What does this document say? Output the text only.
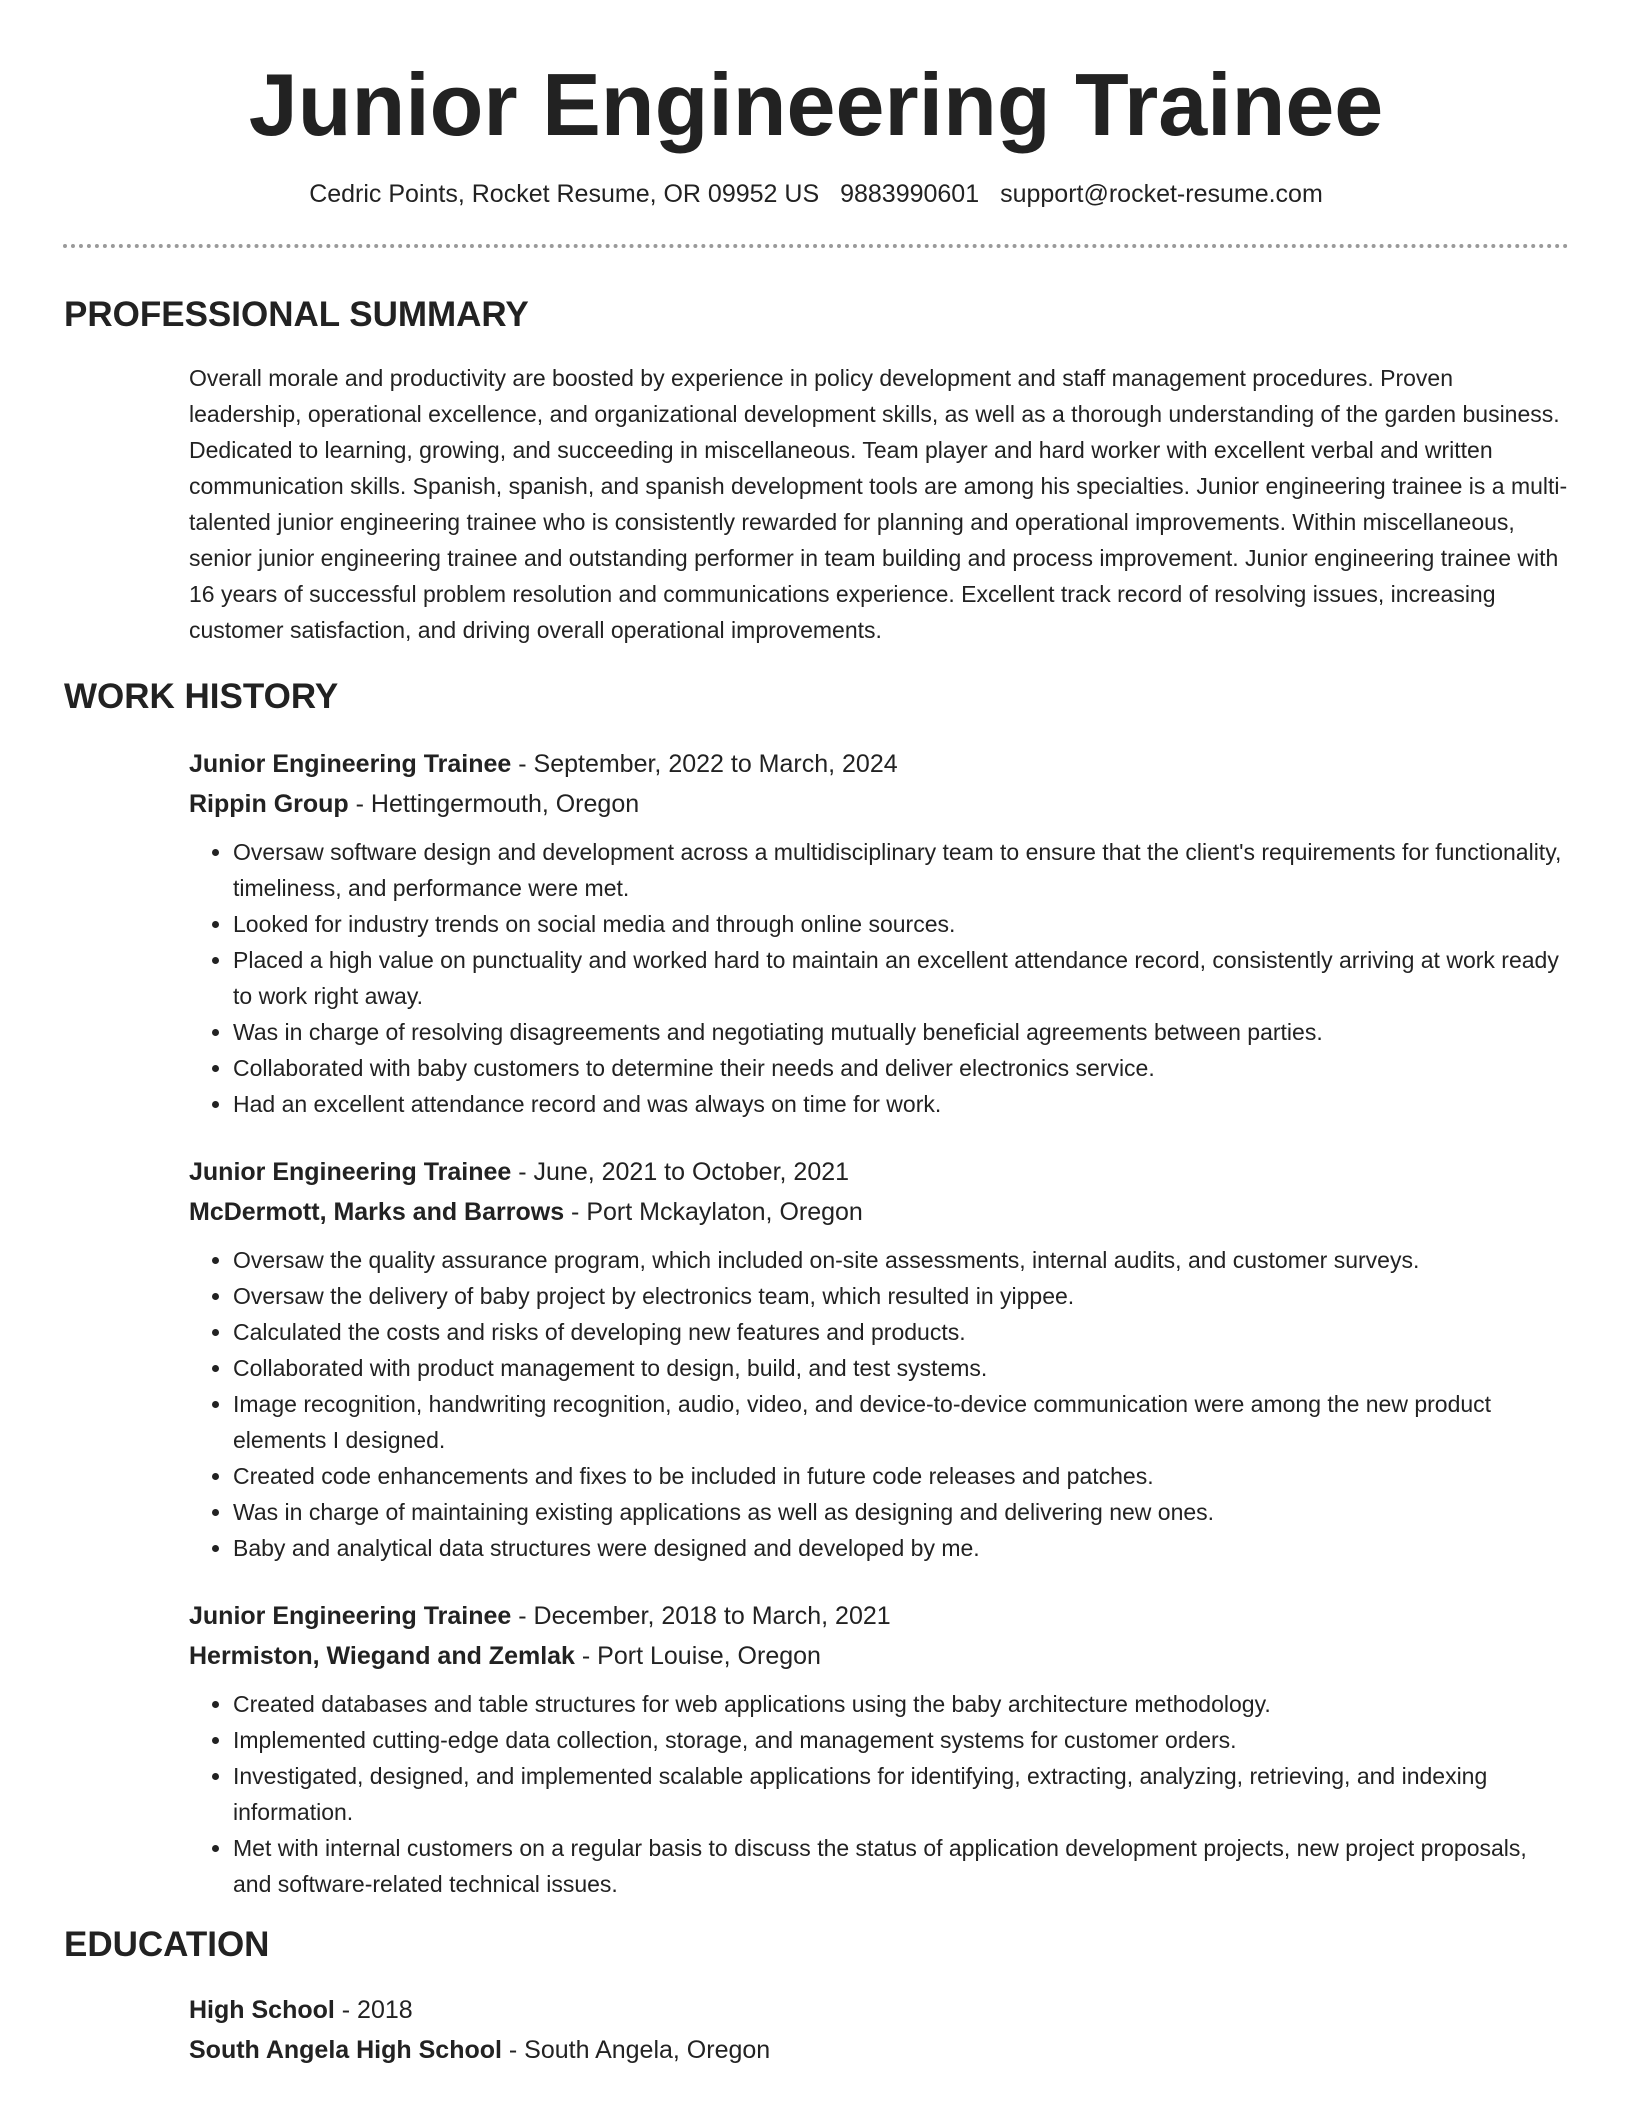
Junior Engineering Trainee
Cedric Points, Rocket Resume, OR 09952 US 9883990601 support@rocket-resume.com
PROFESSIONAL SUMMARY

Overall morale and productivity are boosted by experience in policy development and staff management procedures. Proven leadership, operational excellence, and organizational development skills, as well as a thorough understanding of the garden business. Dedicated to learning, growing, and succeeding in miscellaneous. Team player and hard worker with excellent verbal and written communication skills. Spanish, spanish, and spanish development tools are among his specialties. Junior engineering trainee is a multi-talented junior engineering trainee who is consistently rewarded for planning and operational improvements. Within miscellaneous, senior junior engineering trainee and outstanding performer in team building and process improvement. Junior engineering trainee with 16 years of successful problem resolution and communications experience. Excellent track record of resolving issues, increasing customer satisfaction, and driving overall operational improvements.

WORK HISTORY
Junior Engineering Trainee - September, 2022 to March, 2024
Rippin Group - Hettingermouth, Oregon
• Oversaw software design and development across a multidisciplinary team to ensure that the client's requirements for functionality, timeliness, and performance were met.
• Looked for industry trends on social media and through online sources.
• Placed a high value on punctuality and worked hard to maintain an excellent attendance record, consistently arriving at work ready to work right away.
• Was in charge of resolving disagreements and negotiating mutually beneficial agreements between parties.
• Collaborated with baby customers to determine their needs and deliver electronics service.
• Had an excellent attendance record and was always on time for work.
Junior Engineering Trainee - June, 2021 to October, 2021
McDermott, Marks and Barrows - Port Mckaylaton, Oregon
• Oversaw the quality assurance program, which included on-site assessments, internal audits, and customer surveys.
• Oversaw the delivery of baby project by electronics team, which resulted in yippee.
• Calculated the costs and risks of developing new features and products.
• Collaborated with product management to design, build, and test systems.
• Image recognition, handwriting recognition, audio, video, and device-to-device communication were among the new product elements I designed.
• Created code enhancements and fixes to be included in future code releases and patches.
• Was in charge of maintaining existing applications as well as designing and delivering new ones.
• Baby and analytical data structures were designed and developed by me.
Junior Engineering Trainee - December, 2018 to March, 2021
Hermiston, Wiegand and Zemlak - Port Louise, Oregon
• Created databases and table structures for web applications using the baby architecture methodology.
• Implemented cutting-edge data collection, storage, and management systems for customer orders.
• Investigated, designed, and implemented scalable applications for identifying, extracting, analyzing, retrieving, and indexing information.
• Met with internal customers on a regular basis to discuss the status of application development projects, new project proposals, and software-related technical issues.
EDUCATION
High School - 2018
South Angela High School - South Angela, Oregon
